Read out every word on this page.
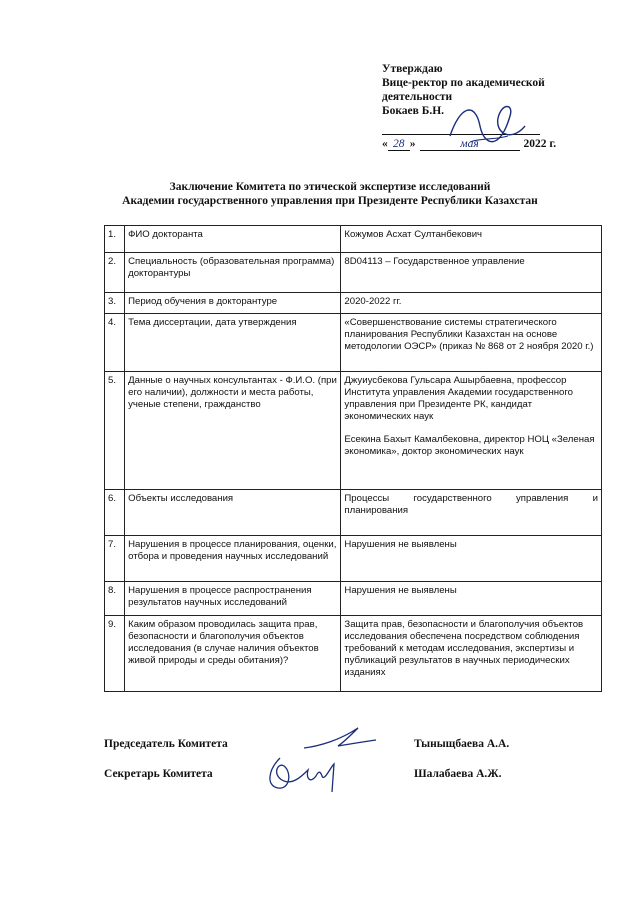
Утверждаю
Вице-ректор по академической
деятельности
Бокаев Б.Н.
« 28 »	мая	2022 г.
Заключение Комитета по этической экспертизе исследований
Академии государственного управления при Президенте Республики Казахстан
1.	ФИО докторанта	Кожумов Асхат Султанбекович
2.	Специальность (образовательная программа) докторантуры	8D04113 – Государственное управление
3.	Период обучения в докторантуре	2020-2022 гг.
4.	Тема диссертации, дата утверждения	«Совершенствование системы стратегического планирования Республики Казахстан на основе методологии ОЭСР» (приказ № 868 от 2 ноября 2020 г.)
5.	Данные о научных консультантах - Ф.И.О. (при его наличии), должности и места работы, ученые степени, гражданство	Джуиусбекова Гульсара Ашырбаевна, профессор Института управления Академии государственного управления при Президенте РК, кандидат экономических наук
Есекина Бахыт Камалбековна, директор НОЦ «Зеленая экономика», доктор экономических наук
6.	Объекты исследования	Процессы государственного управления и планирования
7.	Нарушения в процессе планирования, оценки, отбора и проведения научных исследований	Нарушения не выявлены
8.	Нарушения в процессе распространения результатов научных исследований	Нарушения не выявлены
9.	Каким образом проводилась защита прав, безопасности и благополучия объектов исследования (в случае наличия объектов живой природы и среды обитания)?	Защита прав, безопасности и благополучия объектов исследования обеспечена посредством соблюдения требований к методам исследования, экспертизы и публикаций результатов в научных периодических изданиях
Председатель Комитета	Тыныщбаева А.А.
Секретарь Комитета	Шалабаева А.Ж.
